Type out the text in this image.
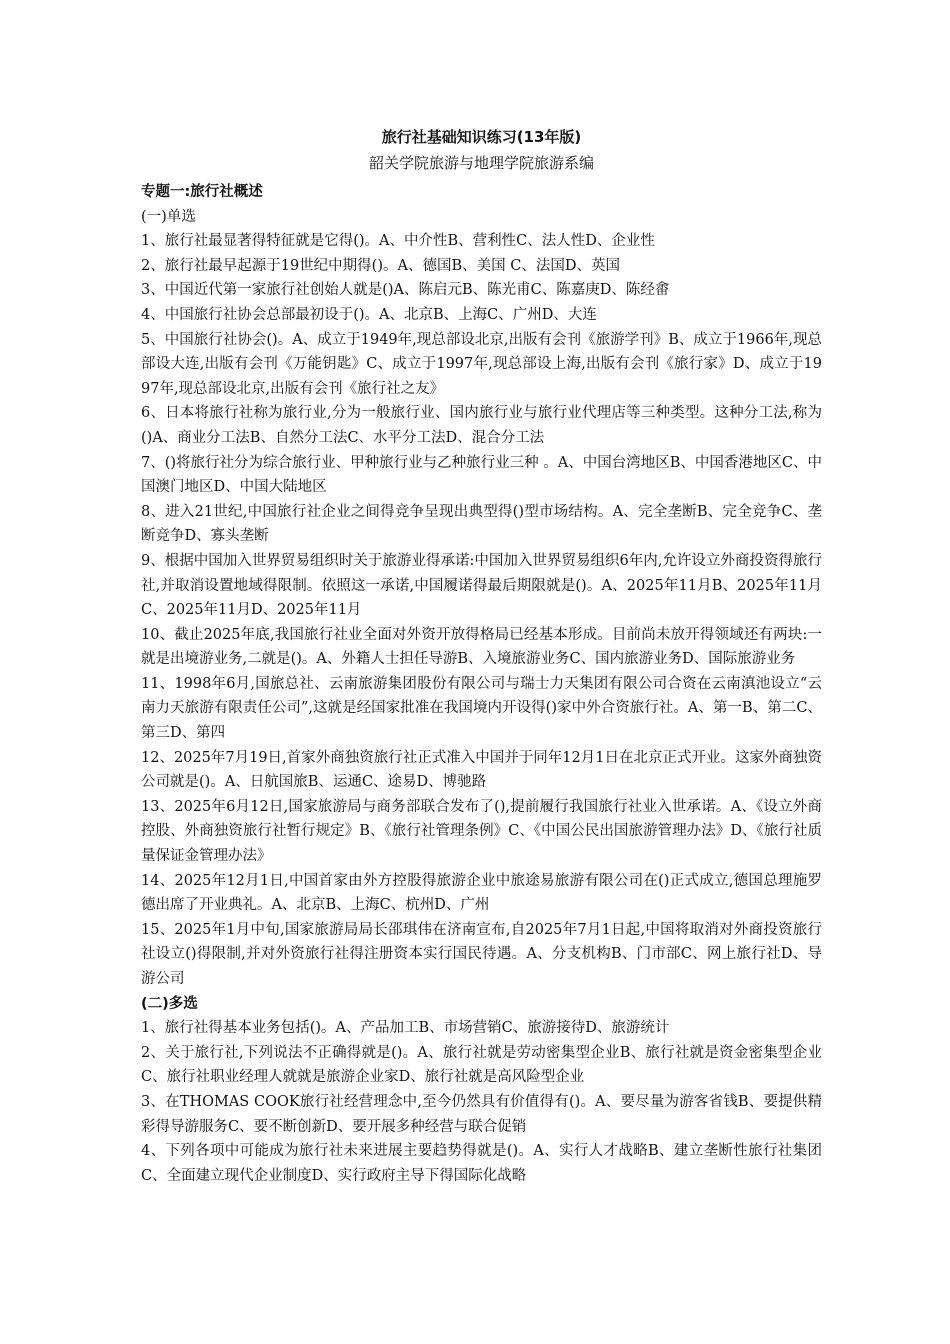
旅行社基础知识练习(13年版)

韶关学院旅游与地理学院旅游系编

专题一:旅行社概述

(一)单选

1、旅行社最显著得特征就是它得()。A、中介性B、营利性C、法人性D、企业性

2、旅行社最早起源于19世纪中期得()。A、德国B、美国 C、法国D、英国

3、中国近代第一家旅行社创始人就是()A、陈启元B、陈光甫C、陈嘉庚D、陈经畬

4、中国旅行社协会总部最初设于()。A、北京B、上海C、广州D、大连

5、中国旅行社协会()。A、成立于1949年,现总部设北京,出版有会刊《旅游学刊》B、成立于1966年,现总部设大连,出版有会刊《万能钥匙》C、成立于1997年,现总部设上海,出版有会刊《旅行家》D、成立于1997年,现总部设北京,出版有会刊《旅行社之友》

6、日本将旅行社称为旅行业,分为一般旅行业、国内旅行业与旅行业代理店等三种类型。这种分工法,称为()A、商业分工法B、自然分工法C、水平分工法D、混合分工法

7、()将旅行社分为综合旅行业、甲种旅行业与乙种旅行业三种 。A、中国台湾地区B、中国香港地区C、中国澳门地区D、中国大陆地区

8、进入21世纪,中国旅行社企业之间得竞争呈现出典型得()型市场结构。A、完全垄断B、完全竞争C、垄断竞争D、寡头垄断

9、根据中国加入世界贸易组织时关于旅游业得承诺:中国加入世界贸易组织6年内,允许设立外商投资得旅行社,并取消设置地域得限制。依照这一承诺,中国履诺得最后期限就是()。A、2025年11月B、2025年11月C、2025年11月D、2025年11月

10、截止2025年底,我国旅行社业全面对外资开放得格局已经基本形成。目前尚未放开得领域还有两块:一就是出境游业务,二就是()。A、外籍人士担任导游B、入境旅游业务C、国内旅游业务D、国际旅游业务

11、1998年6月,国旅总社、云南旅游集团股份有限公司与瑞士力天集团有限公司合资在云南滇池设立“云南力天旅游有限责任公司”,这就是经国家批准在我国境内开设得()家中外合资旅行社。A、第一B、第二C、第三D、第四

12、2025年7月19日,首家外商独资旅行社正式准入中国并于同年12月1日在北京正式开业。这家外商独资公司就是()。A、日航国旅B、运通C、途易D、博驰路

13、2025年6月12日,国家旅游局与商务部联合发布了(),提前履行我国旅行社业入世承诺。A、《设立外商控股、外商独资旅行社暂行规定》B、《旅行社管理条例》C、《中国公民出国旅游管理办法》D、《旅行社质量保证金管理办法》

14、2025年12月1日,中国首家由外方控股得旅游企业中旅途易旅游有限公司在()正式成立,德国总理施罗德出席了开业典礼。A、北京B、上海C、杭州D、广州

15、2025年1月中旬,国家旅游局局长邵琪伟在济南宣布,自2025年7月1日起,中国将取消对外商投资旅行社设立()得限制,并对外资旅行社得注册资本实行国民待遇。A、分支机构B、门市部C、网上旅行社D、导游公司

(二)多选

1、旅行社得基本业务包括()。A、产品加工B、市场营销C、旅游接待D、旅游统计

2、关于旅行社,下列说法不正确得就是()。A、旅行社就是劳动密集型企业B、旅行社就是资金密集型企业C、旅行社职业经理人就就是旅游企业家D、旅行社就是高风险型企业

3、在THOMAS COOK旅行社经营理念中,至今仍然具有价值得有()。A、要尽量为游客省钱B、要提供精彩得导游服务C、要不断创新D、要开展多种经营与联合促销

4、下列各项中可能成为旅行社未来进展主要趋势得就是()。A、实行人才战略B、建立垄断性旅行社集团C、全面建立现代企业制度D、实行政府主导下得国际化战略
